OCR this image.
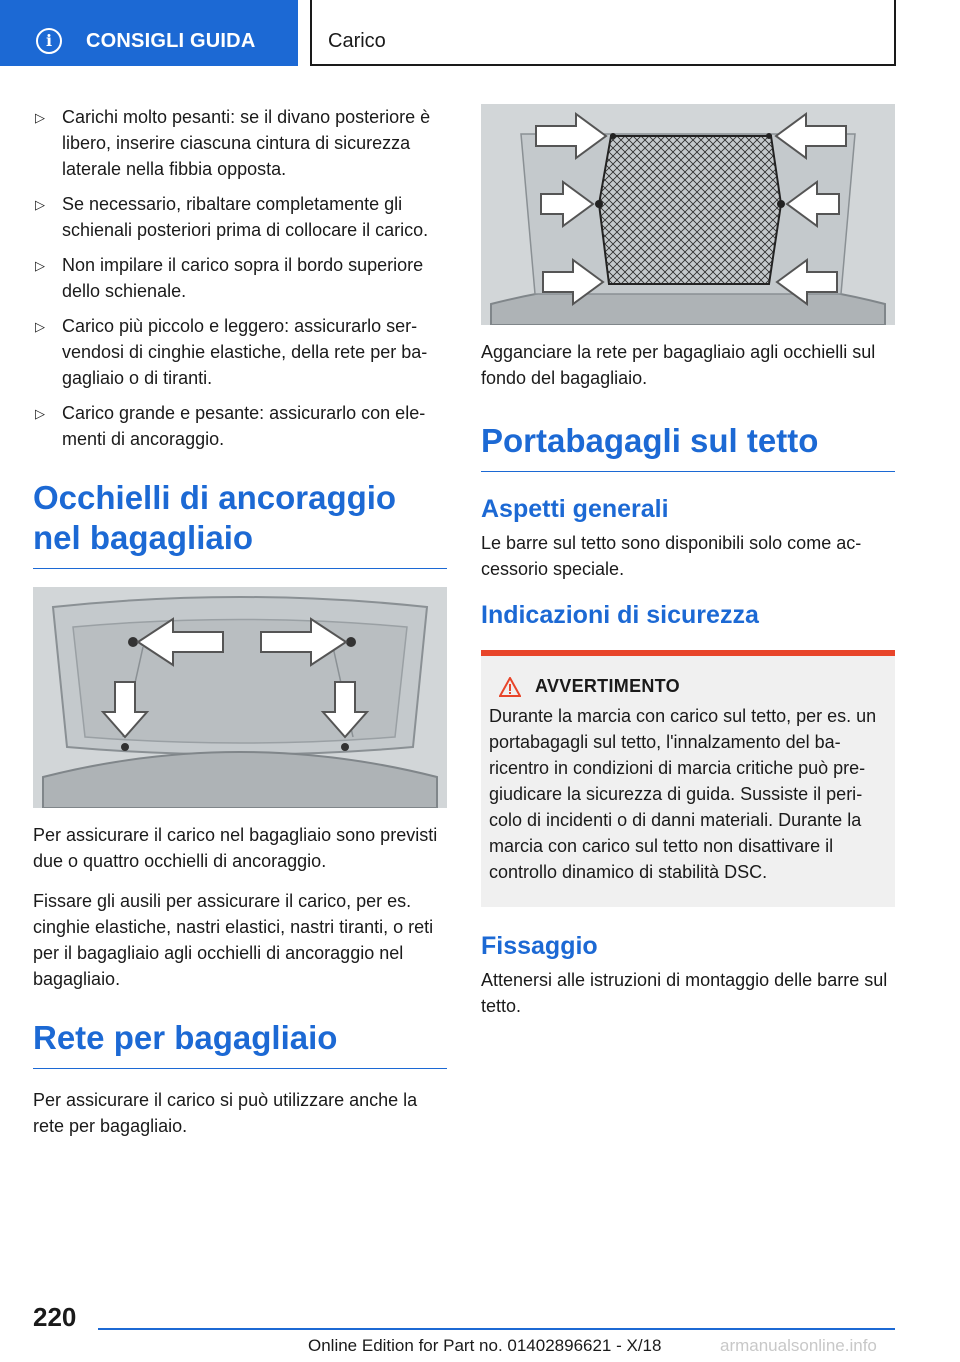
i	CONSIGLI GUIDA	Carico
▷ Carichi molto pesanti: se il divano posteriore è libero, inserire ciascuna cintura di sicurezza laterale nella fibbia opposta.
▷ Se necessario, ribaltare completamente gli schienali posteriori prima di collocare il carico.
▷ Non impilare il carico sopra il bordo superiore dello schienale.
▷ Carico più piccolo e leggero: assicurarlo servendosi di cinghie elastiche, della rete per bagagliaio o di tiranti.
▷ Carico grande e pesante: assicurarlo con elementi di ancoraggio.
Occhielli di ancoraggio nel bagagliaio

Per assicurare il carico nel bagagliaio sono previsti due o quattro occhielli di ancoraggio.

Fissare gli ausili per assicurare il carico, per es. cinghie elastiche, nastri elastici, nastri tiranti, o reti per il bagagliaio agli occhielli di ancoraggio nel bagagliaio.

Rete per bagagliaio

Per assicurare il carico si può utilizzare anche la rete per bagagliaio.

Agganciare la rete per bagagliaio agli occhielli sul fondo del bagagliaio.

Portabagagli sul tetto
Aspetti generali

Le barre sul tetto sono disponibili solo come accessorio speciale.

Indicazioni di sicurezza
AVVERTIMENTO

Durante la marcia con carico sul tetto, per es. un portabagagli sul tetto, l'innalzamento del baricentro in condizioni di marcia critiche può pregiudicare la sicurezza di guida. Sussiste il pericolo di incidenti o di danni materiali. Durante la marcia con carico sul tetto non disattivare il controllo dinamico di stabilità DSC.

Fissaggio

Attenersi alle istruzioni di montaggio delle barre sul tetto.

220
Online Edition for Part no. 01402896621 - X/18	armanualsonline.info
